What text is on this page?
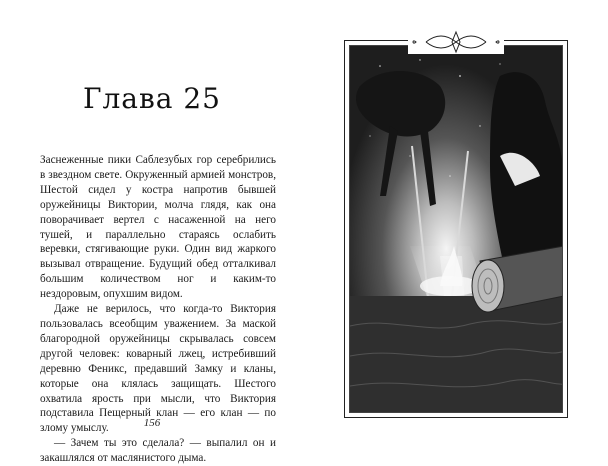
Глава 25

Заснеженные пики Саблезубых гор серебрились в звездном свете. Окруженный армией монстров, Шестой сидел у костра напротив бывшей оружейницы Виктории, молча глядя, как она поворачивает вертел с насаженной на него тушей, и параллельно стараясь ослабить веревки, стягивающие руки. Один вид жаркого вызывал отвращение. Будущий обед отталкивал большим количеством ног и каким-то нездоровым, опухшим видом.

Даже не верилось, что когда-то Виктория пользовалась всеобщим уважением. За маской благородной оружейницы скрывалась совсем другой человек: коварный лжец, истребивший деревню Феникс, предавший Замку и кланы, которые она клялась защищать. Шестого охватила ярость при мысли, что Виктория подставила Пещерный клан — его клан — по злому умыслу.

— Зачем ты это сделала? — выпалил он и закашлялся от маслянистого дыма.

156
